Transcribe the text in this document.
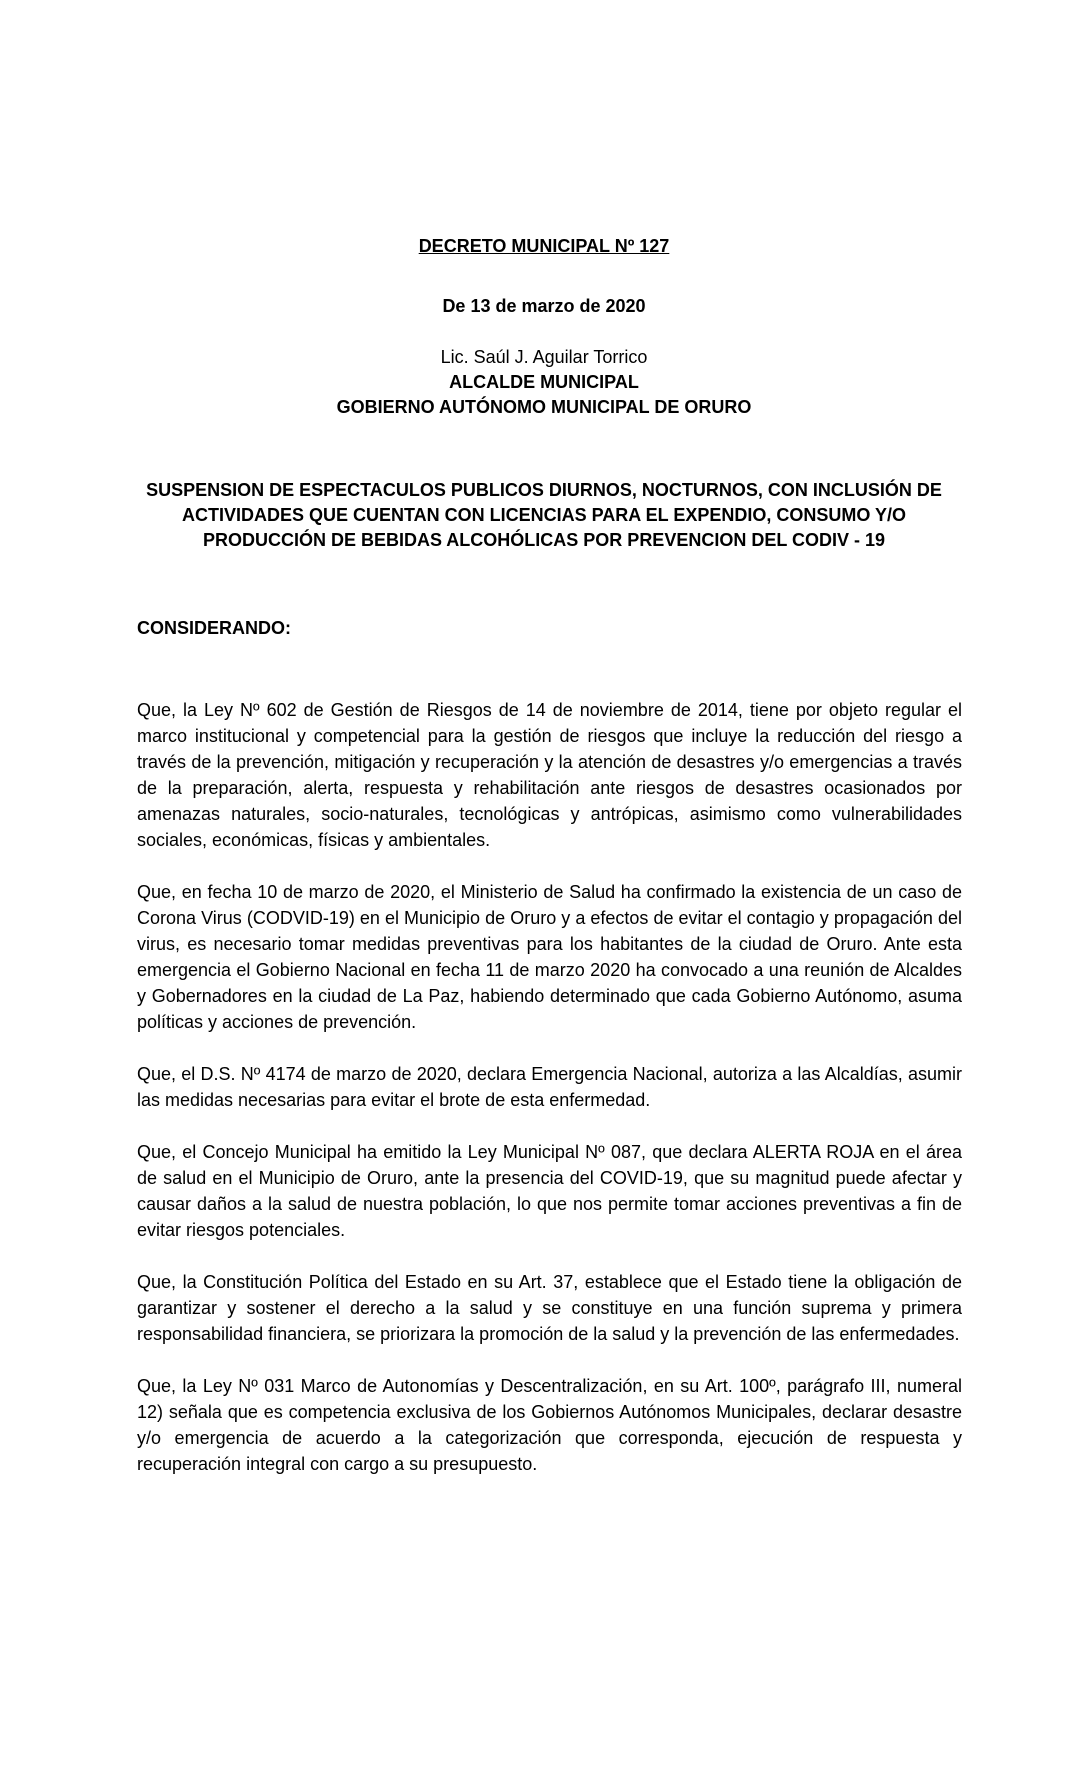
DECRETO MUNICIPAL Nº 127
De 13 de marzo de 2020
Lic. Saúl J. Aguilar Torrico
ALCALDE MUNICIPAL
GOBIERNO AUTÓNOMO MUNICIPAL DE ORURO
SUSPENSION DE ESPECTACULOS PUBLICOS DIURNOS, NOCTURNOS, CON INCLUSIÓN DE ACTIVIDADES QUE CUENTAN CON LICENCIAS PARA EL EXPENDIO, CONSUMO Y/O PRODUCCIÓN DE BEBIDAS ALCOHÓLICAS POR PREVENCION DEL CODIV - 19
CONSIDERANDO:

Que, la Ley Nº 602 de Gestión de Riesgos de 14 de noviembre de 2014, tiene por objeto regular el marco institucional y competencial para la gestión de riesgos que incluye la reducción del riesgo a través de la prevención, mitigación y recuperación y la atención de desastres y/o emergencias a través de la preparación, alerta, respuesta y rehabilitación ante riesgos de desastres ocasionados por amenazas naturales, socio-naturales, tecnológicas y antrópicas, asimismo como vulnerabilidades sociales, económicas, físicas y ambientales.

Que, en fecha 10 de marzo de 2020, el Ministerio de Salud ha confirmado la existencia de un caso de Corona Virus (CODVID-19) en el Municipio de Oruro y a efectos de evitar el contagio y propagación del virus, es necesario tomar medidas preventivas para los habitantes de la ciudad de Oruro. Ante esta emergencia el Gobierno Nacional en fecha 11 de marzo 2020 ha convocado a una reunión de Alcaldes y Gobernadores en la ciudad de La Paz, habiendo determinado que cada Gobierno Autónomo, asuma políticas y acciones de prevención.

Que, el D.S. Nº 4174 de marzo de 2020, declara Emergencia Nacional, autoriza a las Alcaldías, asumir las medidas necesarias para evitar el brote de esta enfermedad.

Que, el Concejo Municipal ha emitido la Ley Municipal Nº 087, que declara ALERTA ROJA en el área de salud en el Municipio de Oruro, ante la presencia del COVID-19, que su magnitud puede afectar y causar daños a la salud de nuestra población, lo que nos permite tomar acciones preventivas a fin de evitar riesgos potenciales.

Que, la Constitución Política del Estado en su Art. 37, establece que el Estado tiene la obligación de garantizar y sostener el derecho a la salud y se constituye en una función suprema y primera responsabilidad financiera, se priorizara la promoción de la salud y la prevención de las enfermedades.

Que, la Ley Nº 031 Marco de Autonomías y Descentralización, en su Art. 100º, parágrafo III, numeral 12) señala que es competencia exclusiva de los Gobiernos Autónomos Municipales, declarar desastre y/o emergencia de acuerdo a la categorización que corresponda, ejecución de respuesta y recuperación integral con cargo a su presupuesto.
